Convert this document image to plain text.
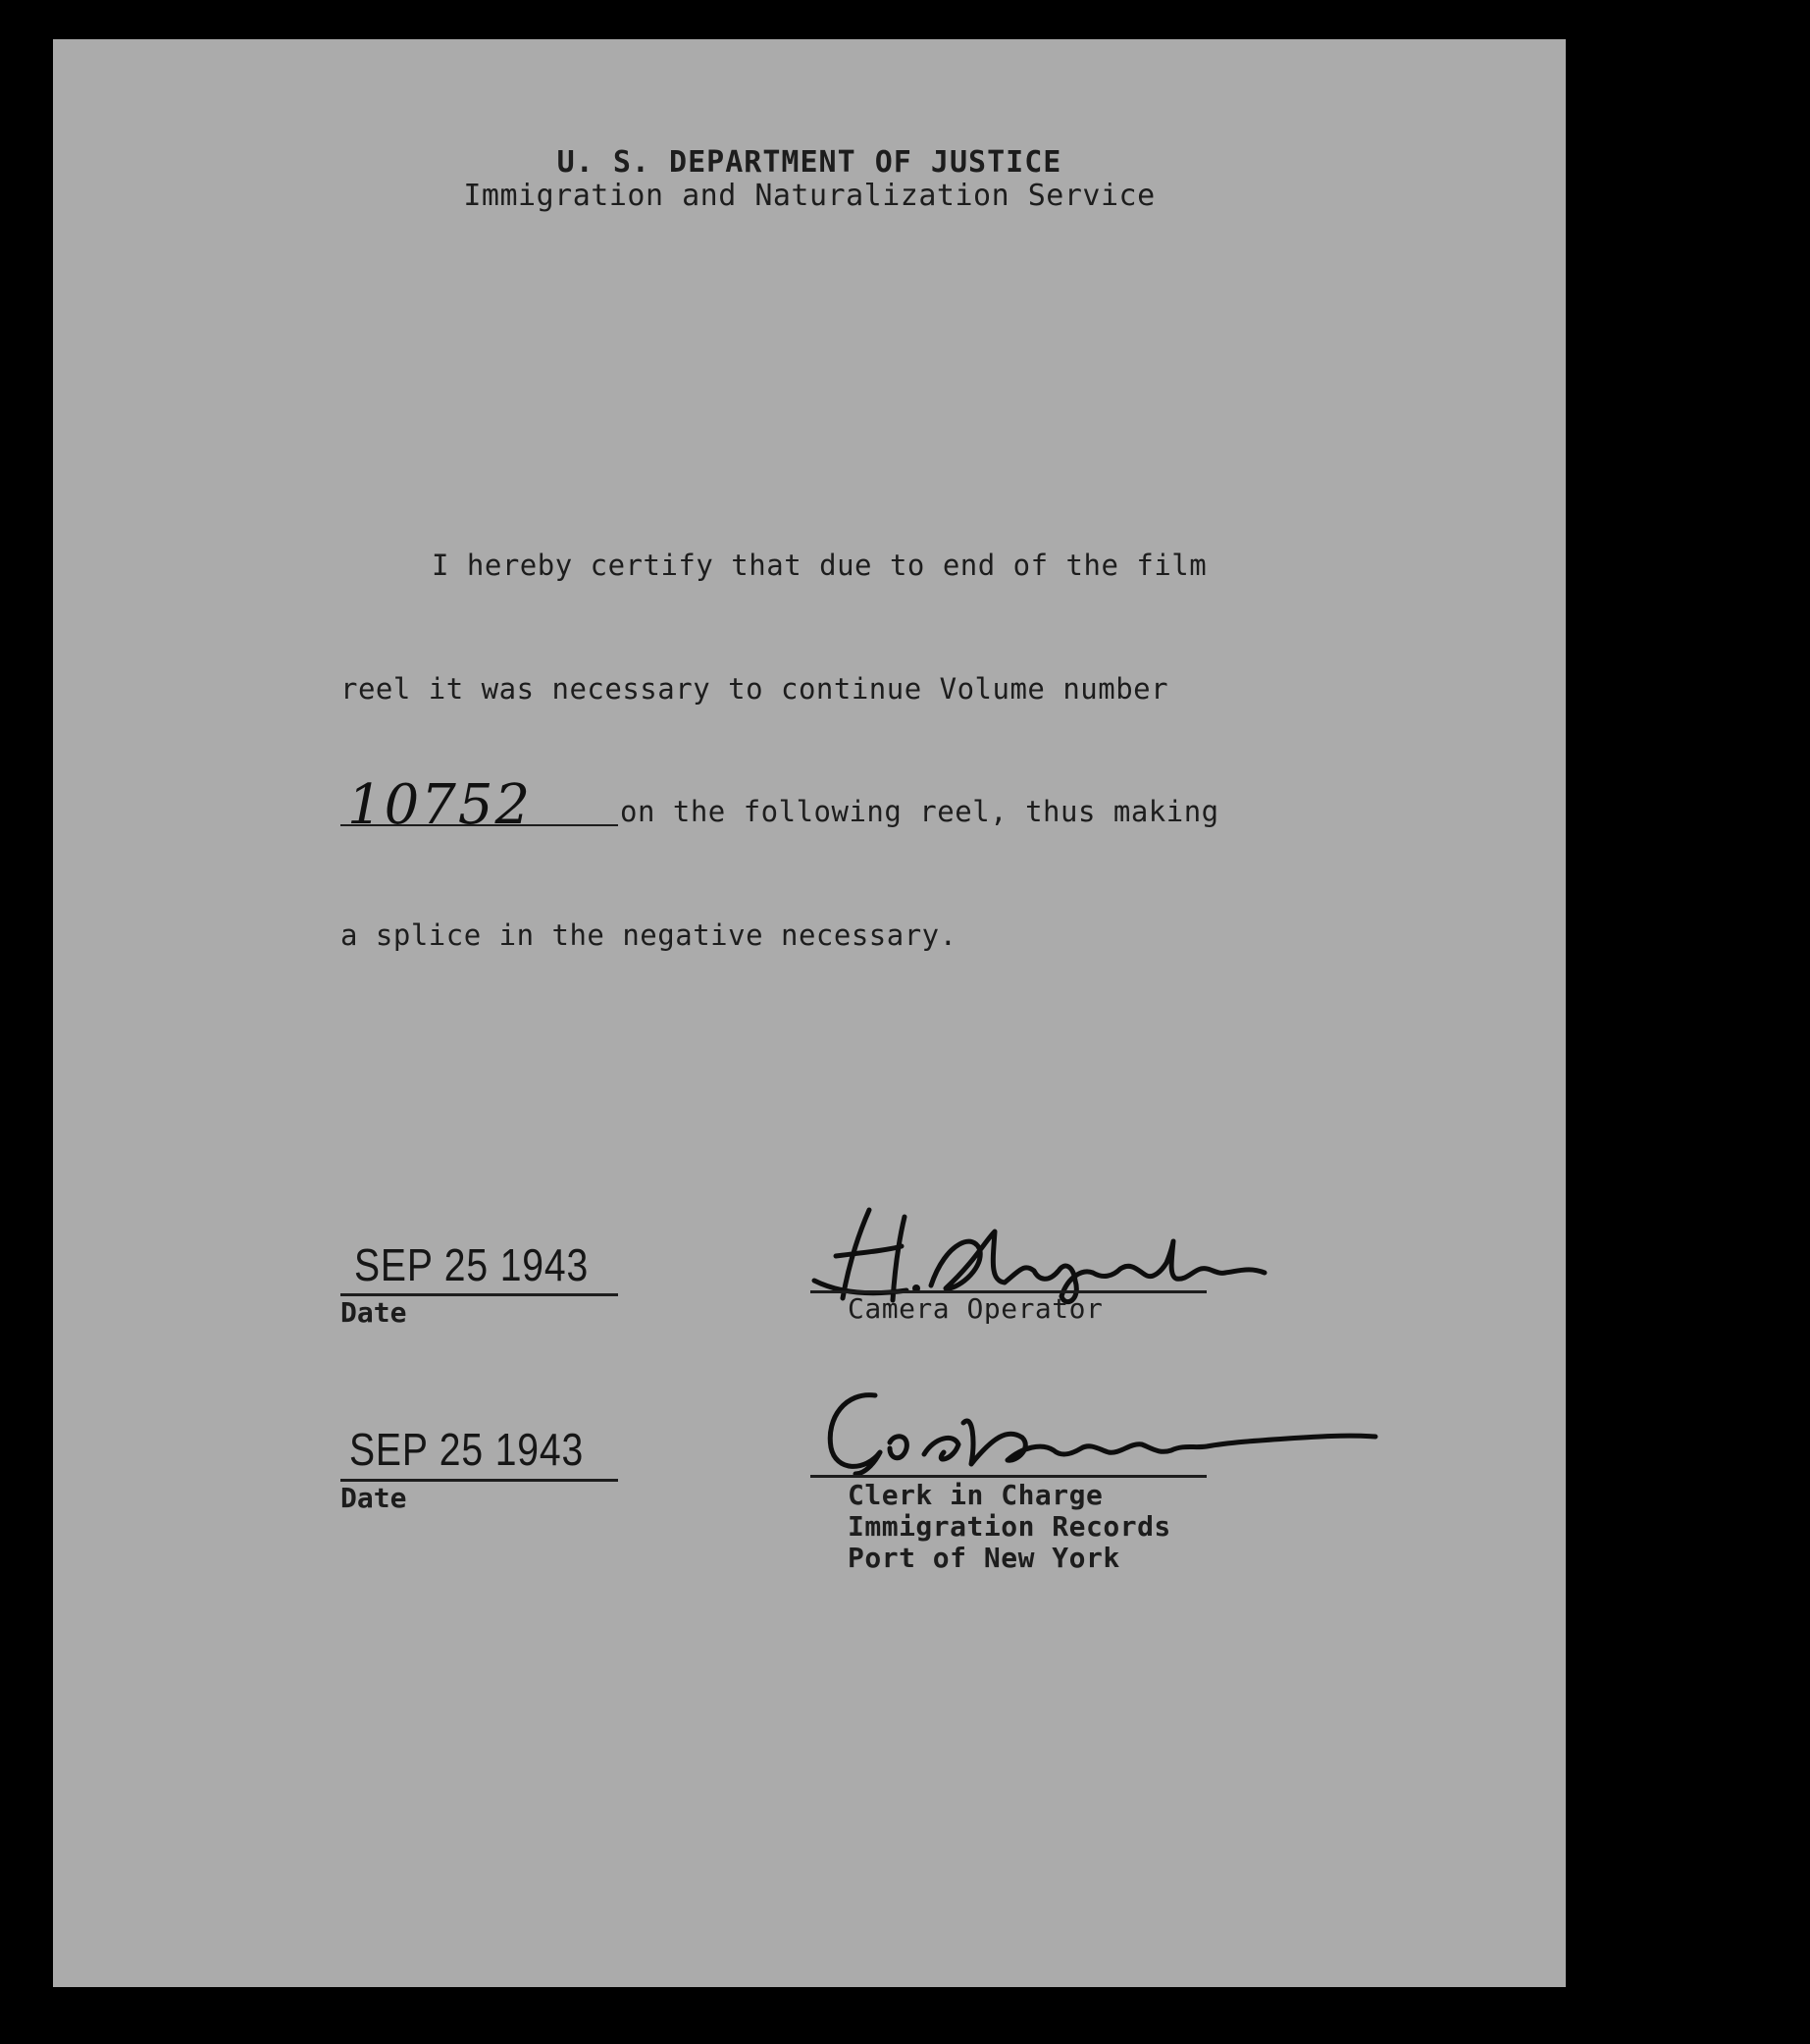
U. S. DEPARTMENT OF JUSTICE
Immigration and Naturalization Service
I hereby certify that due to end of the film
reel it was necessary to continue Volume number
10752	on the following reel, thus making
a splice in the negative necessary.
SEP 25 1943
Date	Camera Operator
SEP 25 1943
Date	Clerk in Charge
Immigration Records
Port of New York
